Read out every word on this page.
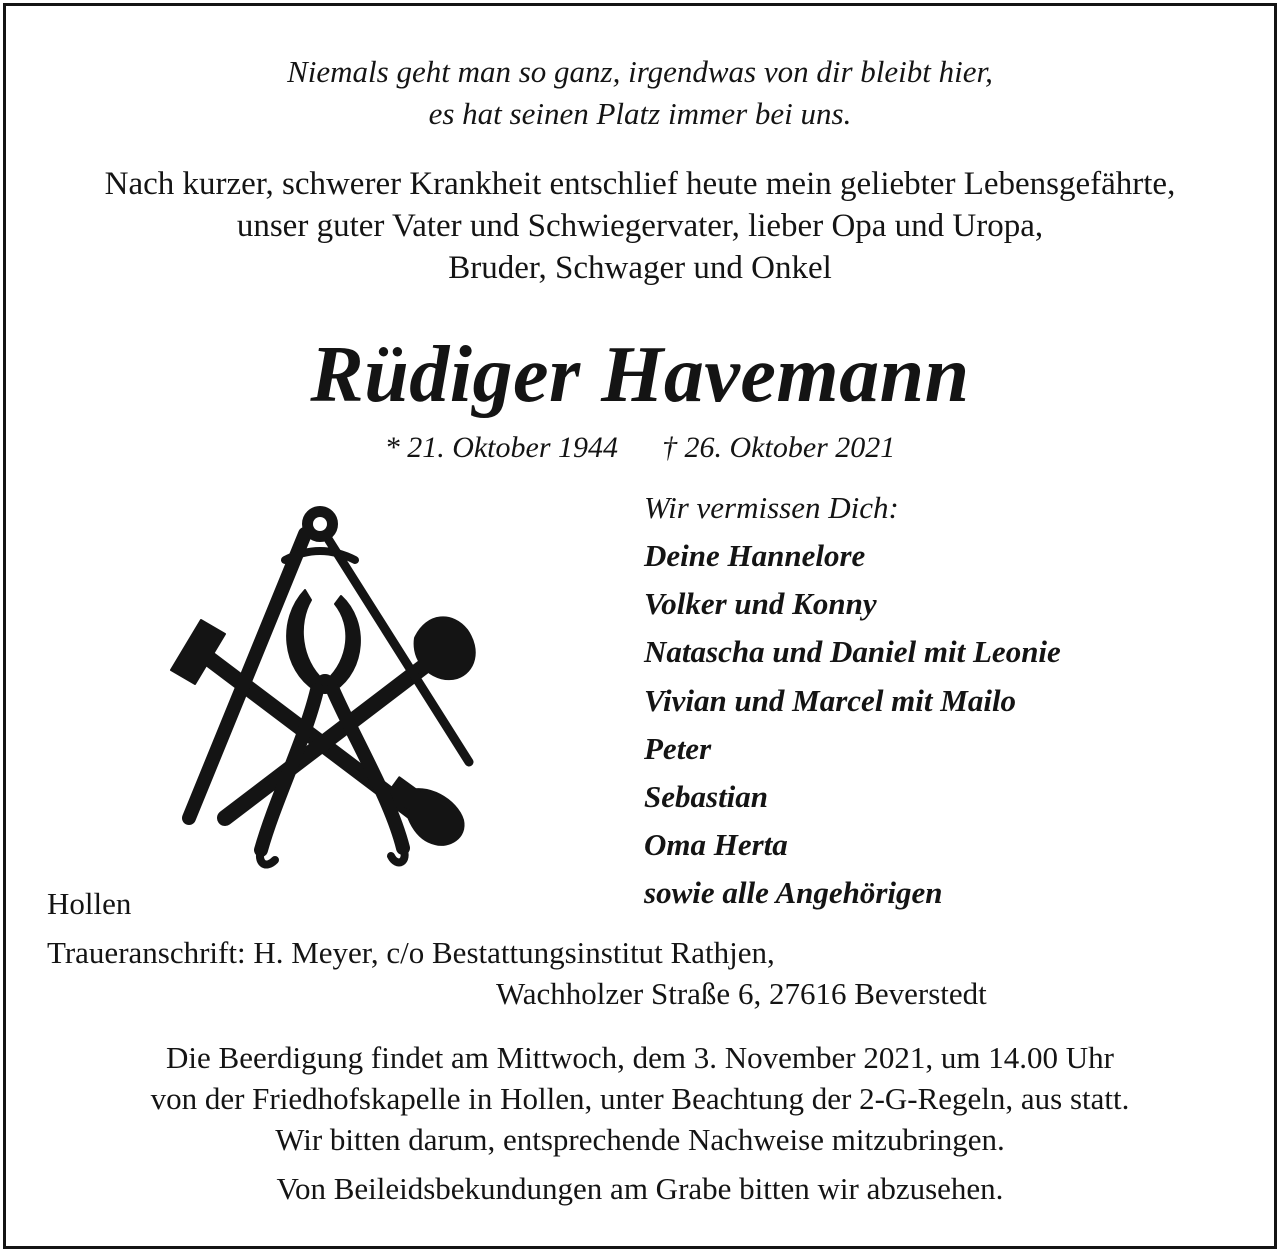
Niemals geht man so ganz, irgendwas von dir bleibt hier,
es hat seinen Platz immer bei uns.
Nach kurzer, schwerer Krankheit entschlief heute mein geliebter Lebensgefährte,
unser guter Vater und Schwiegervater, lieber Opa und Uropa,
Bruder, Schwager und Onkel
Rüdiger Havemann
* 21. Oktober 1944 † 26. Oktober 2021
Wir vermissen Dich:
Deine Hannelore
Volker und Konny
Natascha und Daniel mit Leonie
Vivian und Marcel mit Mailo
Peter
Sebastian
Oma Herta
sowie alle Angehörigen
Hollen
Traueranschrift: H. Meyer, c/o Bestattungsinstitut Rathjen,
Wachholzer Straße 6, 27616 Beverstedt
Die Beerdigung findet am Mittwoch, dem 3. November 2021, um 14.00 Uhr
von der Friedhofskapelle in Hollen, unter Beachtung der 2-G-Regeln, aus statt.
Wir bitten darum, entsprechende Nachweise mitzubringen.
Von Beileidsbekundungen am Grabe bitten wir abzusehen.
